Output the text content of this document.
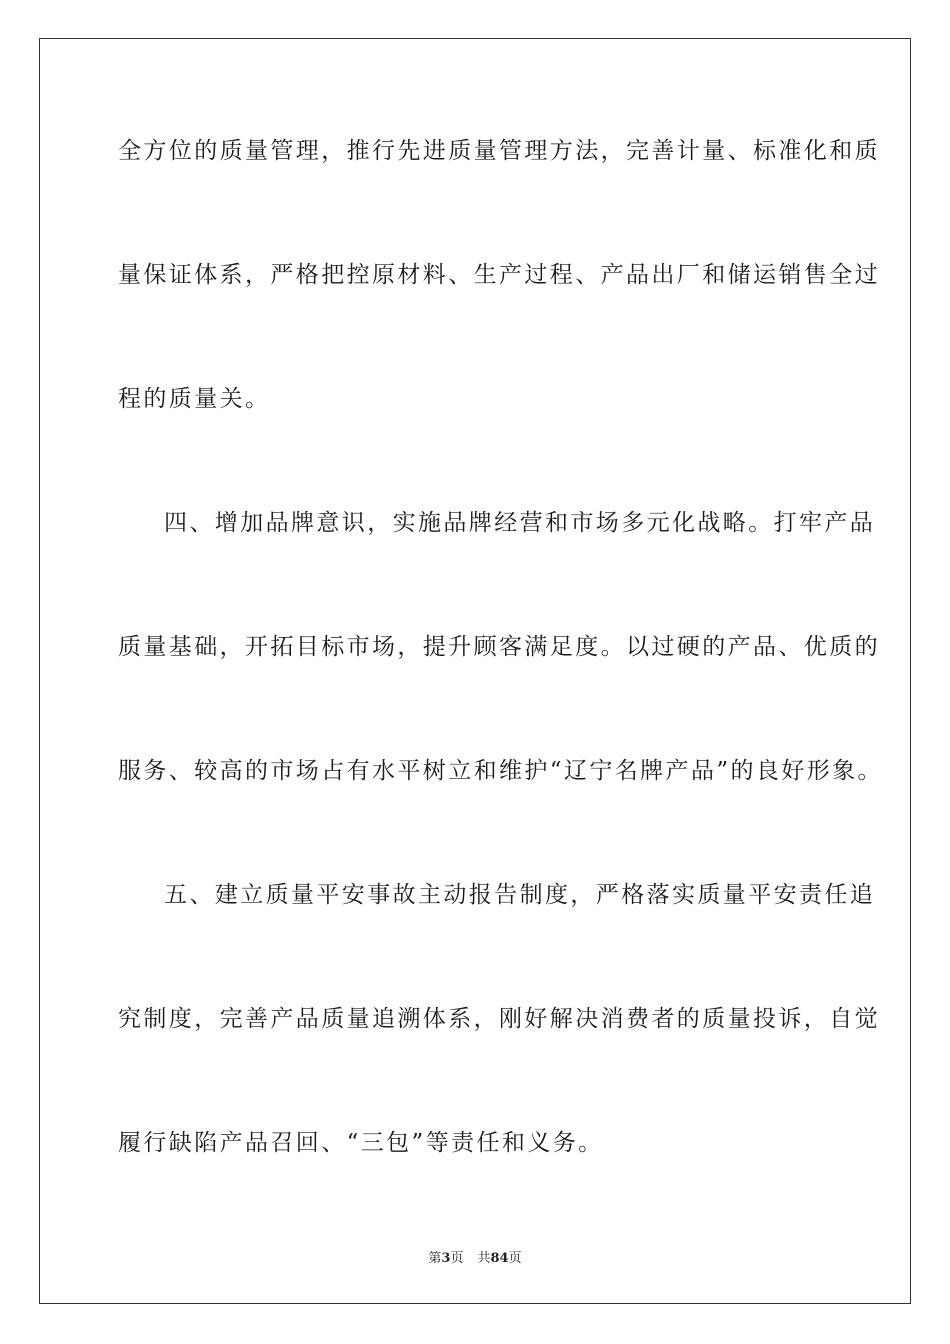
全方位的质量管理，推行先进质量管理方法，完善计量、标准化和质
量保证体系，严格把控原材料、生产过程、产品出厂和储运销售全过
程的质量关。
四、增加品牌意识，实施品牌经营和市场多元化战略。打牢产品
质量基础，开拓目标市场，提升顾客满足度。以过硬的产品、优质的
服务、较高的市场占有水平树立和维护“辽宁名牌产品”的良好形象。
五、建立质量平安事故主动报告制度，严格落实质量平安责任追
究制度，完善产品质量追溯体系，刚好解决消费者的质量投诉，自觉
履行缺陷产品召回、“三包”等责任和义务。
第3页 共84页
